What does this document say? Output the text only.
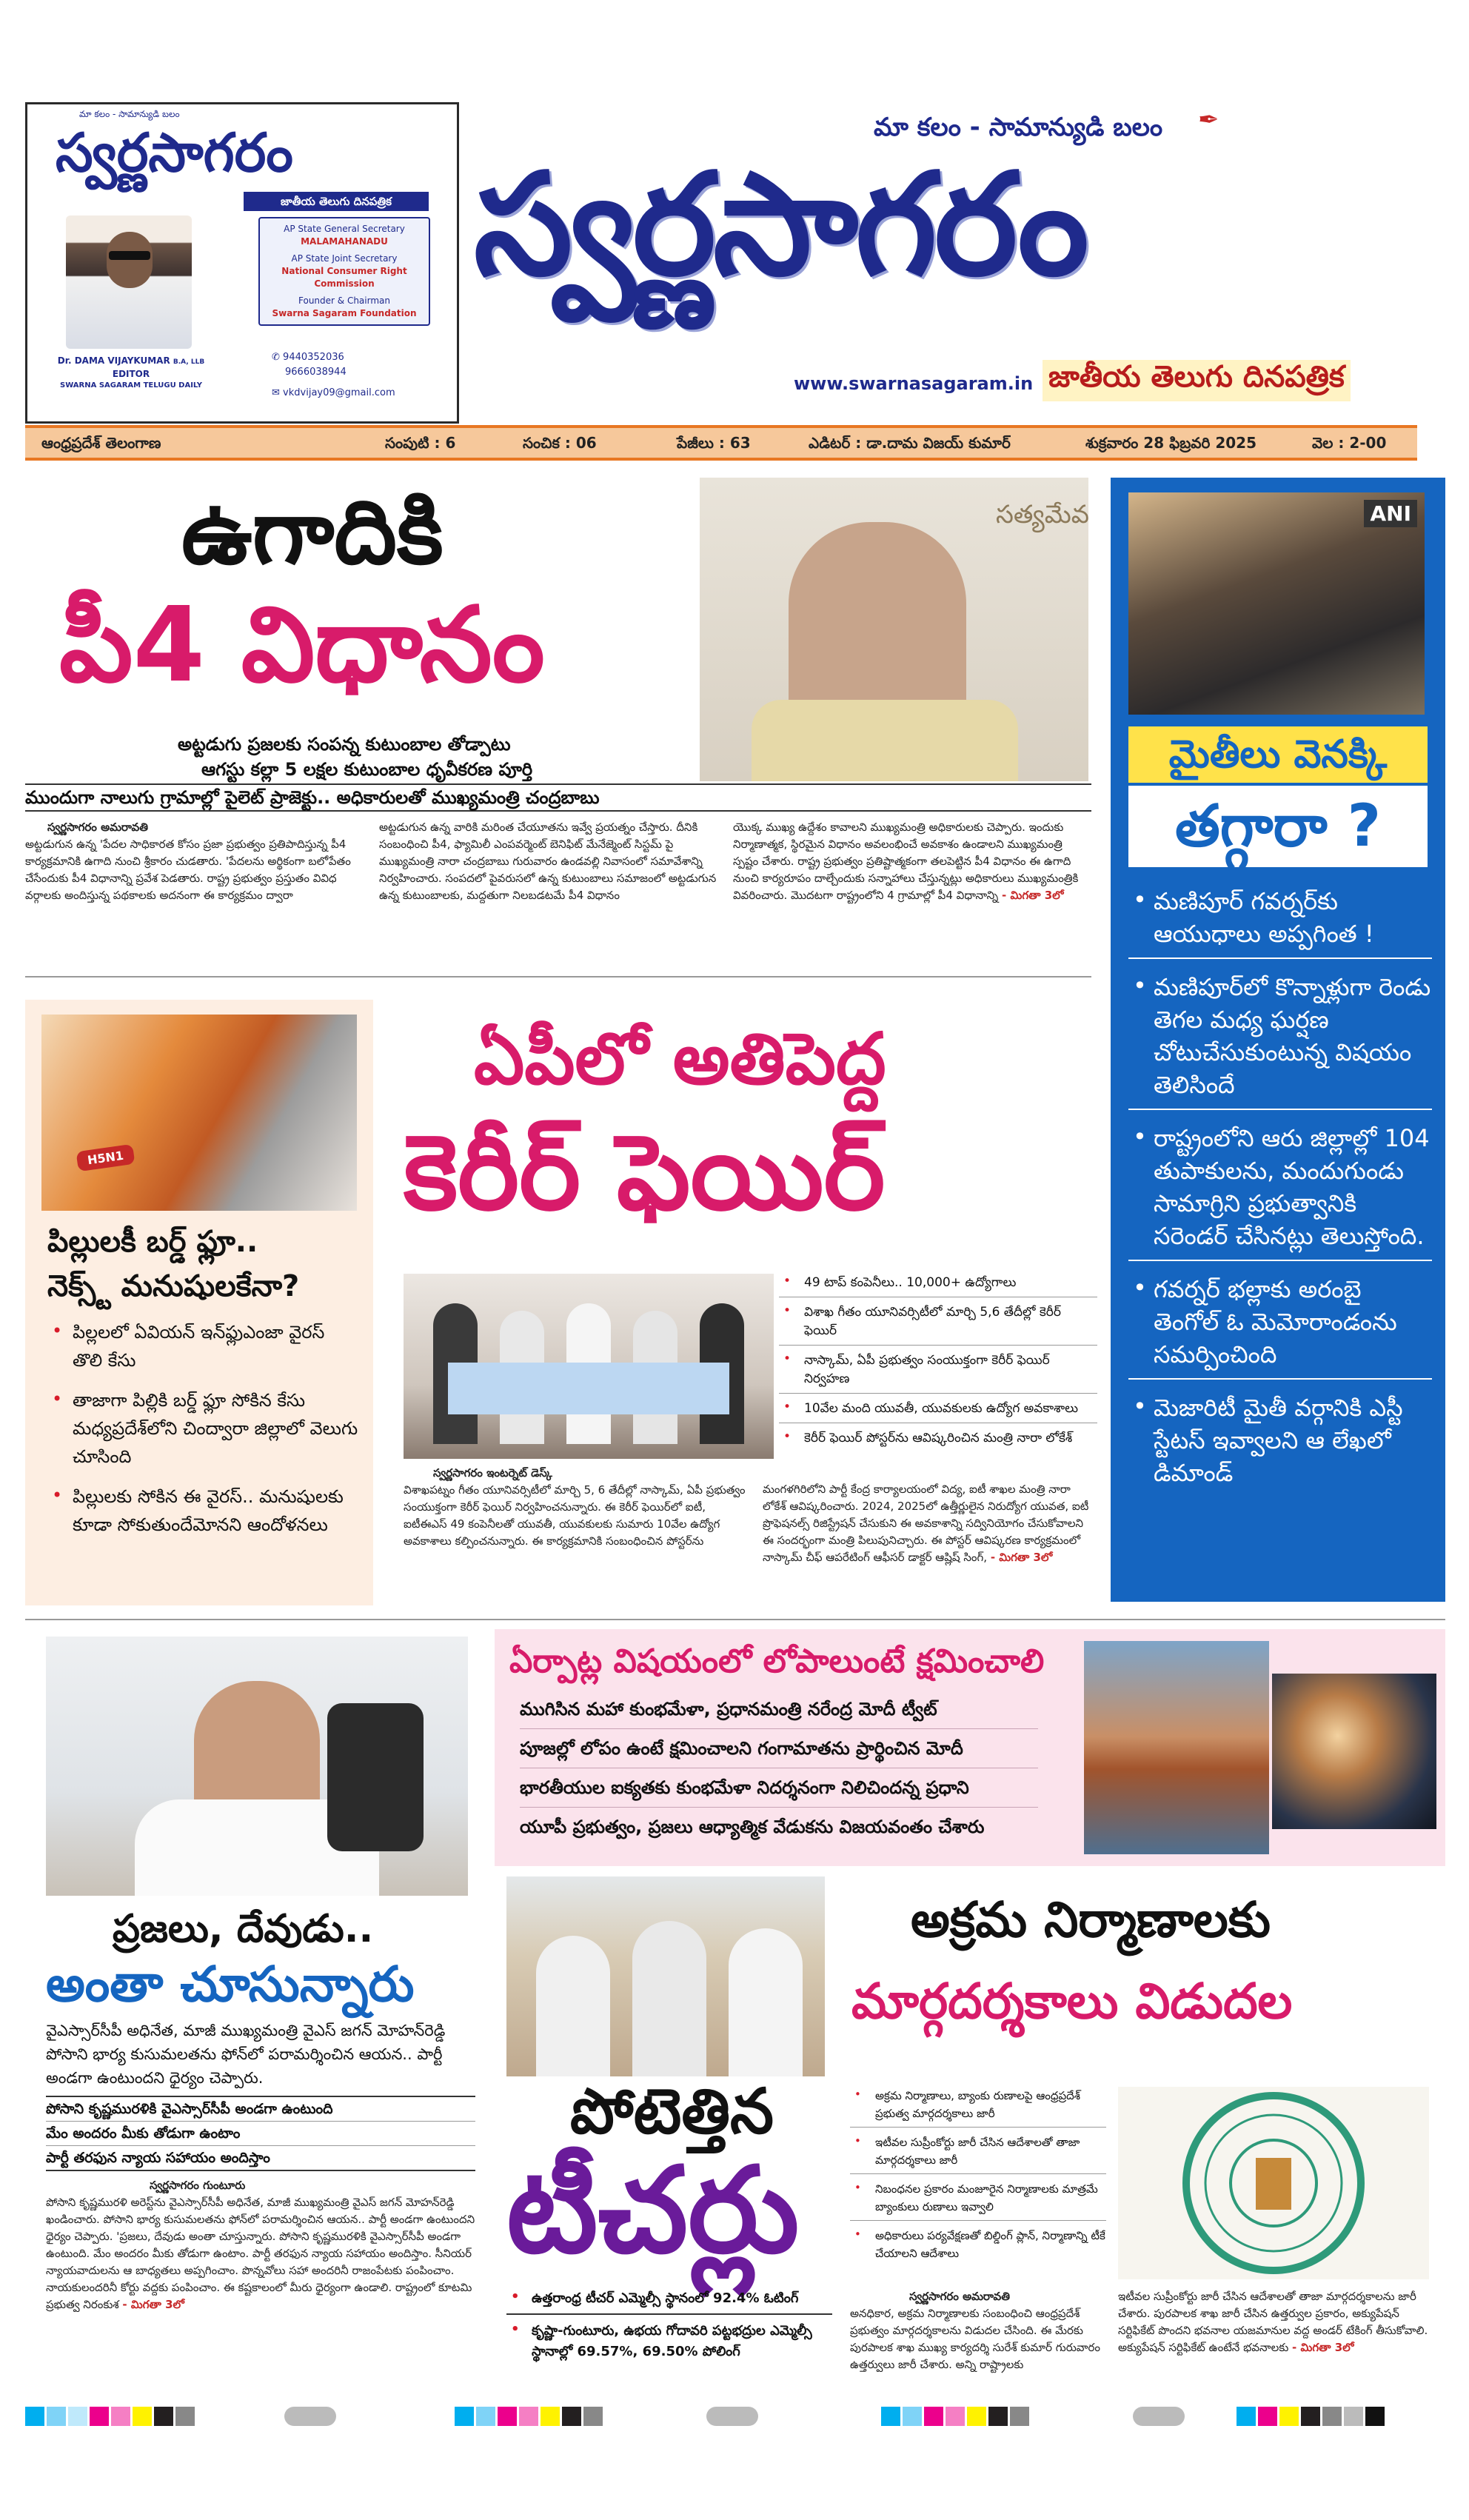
మా కలం - సామాన్యుడి బలం
స్వర్ణసాగరం
జాతీయ తెలుగు దినపత్రిక
Dr. DAMA VIJAYKUMAR B.A, LLB
EDITOR
SWARNA SAGARAM TELUGU DAILY
AP State General Secretary
MALAMAHANADU
AP State Joint Secretary
National Consumer Right Commission
Founder & Chairman
Swarna Sagaram Foundation
✆ 9440352036
9666038944
✉ vkdvijay09@gmail.com
మా కలం - సామాన్యుడి బలం ✒
స్వర్ణసాగరం
www.swarnasagaram.in జాతీయ తెలుగు దినపత్రిక
ఆంధ్రప్రదేశ్ తెలంగాణ	సంపుటి : 6	సంచిక : 06	పేజీలు : 63	ఎడిటర్ : డా.దామ విజయ్ కుమార్	శుక్రవారం 28 ఫిబ్రవరి 2025	వెల : 2-00
ఉగాదికి
పీ4 విధానం
సత్యమేవ
అట్టడుగు ప్రజలకు సంపన్న కుటుంబాల తోడ్పాటు
ఆగస్టు కల్లా 5 లక్షల కుటుంబాల ధృవీకరణ పూర్తి
ముందుగా నాలుగు గ్రామాల్లో పైలెట్ ప్రాజెక్టు.. అధికారులతో ముఖ్యమంత్రి చంద్రబాబు
స్వర్ణసాగరం అమరావతి
అట్టడుగున ఉన్న 'పేదల సాధికారత కోసం ప్రజా ప్రభుత్వం ప్రతిపాదిస్తున్న పీ4 కార్యక్రమానికి ఉగాది నుంచి శ్రీకారం చుడతారు. 'పేదలను అర్థికంగా బలోపేతం చేసేందుకు పీ4 విధానాన్ని ప్రవేశ పెడతారు. రాష్ట్ర ప్రభుత్వం ప్రస్తుతం వివిధ వర్గాలకు అందిస్తున్న పథకాలకు అదనంగా ఈ కార్యక్రమం ద్వారా
అట్టడుగున ఉన్న వారికి మరింత చేయూతను ఇవ్వే ప్రయత్నం చేస్తారు. దీనికి సంబంధించి పీ4, ఫ్యామిలీ ఎంపవర్మెంట్ బెనిఫిట్ మేనేజ్మెంట్ సిస్టమ్ పై ముఖ్యమంత్రి నారా చంద్రబాబు గురువారం ఉండవల్లి నివాసంలో సమావేశాన్ని నిర్వహించారు. సంపదలో పైవరుసలో ఉన్న కుటుంబాలు సమాజంలో అట్టడుగున ఉన్న కుటుంబాలకు, మద్దతుగా నిలబడటమే పీ4 విధానం
యొక్క ముఖ్య ఉద్దేశం కావాలని ముఖ్యమంత్రి అధికారులకు చెప్పారు. ఇందుకు నిర్మాణాత్మక, స్థిరమైన విధానం అవలంభించే అవకాశం ఉండాలని ముఖ్యమంత్రి స్పష్టం చేశారు. రాష్ట్ర ప్రభుత్వం ప్రతిష్టాత్మకంగా తలపెట్టిన పీ4 విధానం ఈ ఉగాది నుంచి కార్యరూపం దాల్చేందుకు సన్నాహాలు చేస్తున్నట్లు అధికారులు ముఖ్యమంత్రికి వివరించారు. మొదటగా రాష్ట్రంలోని 4 గ్రామాల్లో పీ4 విధానాన్ని - మిగతా 3లో
ANI
మైతీలు వెనక్కి
తగ్గారా ?
• మణిపూర్ గవర్నర్‌కు ఆయుధాలు అప్పగింత !
• మణిపూర్‌లో కొన్నాళ్లుగా రెండు తెగల మధ్య ఘర్షణ చోటుచేసుకుంటున్న విషయం తెలిసిందే
• రాష్ట్రంలోని ఆరు జిల్లాల్లో 104 తుపాకులను, మందుగుండు సామాగ్రిని ప్రభుత్వానికి సరెండర్ చేసినట్లు తెలుస్తోంది.
• గవర్నర్ భల్లాకు అరంబై తెంగోల్ ఓ మెమోరాండంను సమర్పించింది
• మెజారిటీ మైతీ వర్గానికి ఎస్టీ స్టేటస్ ఇవ్వాలని ఆ లేఖలో డిమాండ్
H5N1
పిల్లులకీ బర్డ్ ఫ్లూ..
నెక్స్ట్ మనుషులకేనా?
• పిల్లలలో ఏవియన్ ఇన్‌ఫ్లుఎంజా వైరస్ తొలి కేసు
• తాజాగా పిల్లికి బర్డ్ ఫ్లూ సోకిన కేసు మధ్యప్రదేశ్‌లోని చింద్వారా జిల్లాలో వెలుగు చూసింది
• పిల్లులకు సోకిన ఈ వైరస్.. మనుషులకు కూడా సోకుతుందేమోనని ఆందోళనలు
ఏపీలో అతిపెద్ద
కెరీర్ ఫెయిర్
• 49 టాప్ కంపెనీలు.. 10,000+ ఉద్యోగాలు
• విశాఖ గీతం యూనివర్సిటీలో మార్చి 5,6 తేదీల్లో కెరీర్ ఫెయిర్
• నాస్కామ్, ఏపీ ప్రభుత్వం సంయుక్తంగా కెరీర్ ఫెయిర్ నిర్వహణ
• 10వేల మంది యువతీ, యువకులకు ఉద్యోగ అవకాశాలు
• కెరీర్ ఫెయిర్ పోస్టర్‌ను ఆవిష్కరించిన మంత్రి నారా లోకేశ్
స్వర్ణసాగరం ఇంటర్నెట్ డెస్క్
విశాఖపట్నం గీతం యూనివర్సిటీలో మార్చి 5, 6 తేదీల్లో నాస్కామ్, ఏపీ ప్రభుత్వం సంయుక్తంగా కెరీర్ ఫెయిర్ నిర్వహించనున్నారు. ఈ కెరీర్ ఫెయిర్‌లో ఐటీ, ఐటీఈఎస్ 49 కంపెనీలతో యువతీ, యువకులకు సుమారు 10వేల ఉద్యోగ అవకాశాలు కల్పించనున్నారు. ఈ కార్యక్రమానికి సంబంధించిన పోస్టర్‌ను
మంగళగిరిలోని పార్టీ కేంద్ర కార్యాలయంలో విద్య, ఐటీ శాఖల మంత్రి నారా లోకేశ్ ఆవిష్కరించారు. 2024, 2025లో ఉత్తీర్ణులైన నిరుద్యోగ యువత, ఐటీ ప్రొఫెషనల్స్ రిజిస్ట్రేషన్ చేసుకుని ఈ అవకాశాన్ని సద్వినియోగం చేసుకోవాలని ఈ సందర్భంగా మంత్రి పిలుపునిచ్చారు. ఈ పోస్టర్ ఆవిష్కరణ కార్యక్రమంలో నాస్కామ్ చీఫ్ ఆపరేటింగ్ ఆఫీసర్ డాక్టర్ ఆష్లిష్ సింగ్, - మిగతా 3లో
ప్రజలు, దేవుడు..
అంతా చూసున్నారు
వైఎస్సార్‌సీపీ అధినేత, మాజీ ముఖ్యమంత్రి వైఎస్ జగన్ మోహన్‌రెడ్డి పోసాని భార్య కుసుమలతను ఫోన్‌లో పరామర్శించిన ఆయన.. పార్టీ అండగా ఉంటుందని ధైర్యం చెప్పారు.
పోసాని కృష్ణమురళికి వైఎస్సార్‌సీపీ అండగా ఉంటుంది
మేం అందరం మీకు తోడుగా ఉంటాం
పార్టీ తరఫున న్యాయ సహాయం అందిస్తాం
స్వర్ణసాగరం గుంటూరు
పోసాని కృష్ణమురళి అరెస్ట్‌ను వైఎస్సార్‌సీపీ అధినేత, మాజీ ముఖ్యమంత్రి వైఎస్ జగన్ మోహన్‌రెడ్డి ఖండించారు. పోసాని భార్య కుసుమలతను ఫోన్‌లో పరామర్శించిన ఆయన.. పార్టీ అండగా ఉంటుందని ధైర్యం చెప్పారు. 'ప్రజలు, దేవుడు అంతా చూస్తున్నారు. పోసాని కృష్ణమురళికి వైఎస్సార్‌సీపీ అండగా ఉంటుంది. మేం అందరం మీకు తోడుగా ఉంటాం. పార్టీ తరఫున న్యాయ సహాయం అందిస్తాం. సీనియర్ న్యాయవాదులను ఆ బాధ్యతలు అప్పగించాం. పొన్నవోలు సహా అందరినీ రాజంపేటకు పంపించాం. నాయకులందరినీ కోర్టు వద్దకు పంపించాం. ఈ కష్టకాలంలో మీరు ధైర్యంగా ఉండాలి. రాష్ట్రంలో కూటమి ప్రభుత్వ నిరంకుశ - మిగతా 3లో
ఏర్పాట్ల విషయంలో లోపాలుంటే క్షమించాలి
ముగిసిన మహా కుంభమేళా, ప్రధానమంత్రి నరేంద్ర మోదీ ట్వీట్
పూజల్లో లోపం ఉంటే క్షమించాలని గంగామాతను ప్రార్థించిన మోదీ
భారతీయుల ఐక్యతకు కుంభమేళా నిదర్శనంగా నిలిచిందన్న ప్రధాని
యూపీ ప్రభుత్వం, ప్రజలు ఆధ్యాత్మిక వేడుకను విజయవంతం చేశారు
పోటెత్తిన
టీచర్లు
• ఉత్తరాంధ్ర టీచర్ ఎమ్మెల్సీ స్థానంలో 92.4% ఓటింగ్
• కృష్ణా-గుంటూరు, ఉభయ గోదావరి పట్టభద్రుల ఎమ్మెల్సీ స్థానాల్లో 69.57%, 69.50% పోలింగ్
అక్రమ నిర్మాణాలకు
మార్గదర్శకాలు విడుదల
• అక్రమ నిర్మాణాలు, బ్యాంకు రుణాలపై ఆంధ్రప్రదేశ్ ప్రభుత్వ మార్గదర్శకాలు జారీ
• ఇటీవల సుప్రీంకోర్టు జారీ చేసిన ఆదేశాలతో తాజా మార్గదర్శకాలు జారీ
• నిబంధనల ప్రకారం మంజూరైన నిర్మాణాలకు మాత్రమే బ్యాంకులు రుణాలు ఇవ్వాలి
• అధికారులు పర్యవేక్షణతో బిల్డింగ్ ప్లాన్, నిర్మాణాన్ని టీకే చేయాలని ఆదేశాలు
స్వర్ణసాగరం అమరావతి
అనధికార, అక్రమ నిర్మాణాలకు సంబంధించి ఆంధ్రప్రదేశ్ ప్రభుత్వం మార్గదర్శకాలను విడుదల చేసింది. ఈ మేరకు పురపాలక శాఖ ముఖ్య కార్యదర్శి సురేశ్ కుమార్ గురువారం ఉత్తర్వులు జారీ చేశారు. అన్ని రాష్ట్రాలకు
ఇటీవల సుప్రీంకోర్టు జారీ చేసిన ఆదేశాలతో తాజా మార్గదర్శకాలను జారీ చేశారు. పురపాలక శాఖ జారీ చేసిన ఉత్తర్వుల ప్రకారం, అక్యుపేషన్ సర్టిఫికేట్ పొందని భవనాల యజమానుల వద్ద అండర్ టేకింగ్ తీసుకోవాలి. అక్యుపేషన్ సర్టిఫికేట్ ఉంటేనే భవనాలకు - మిగతా 3లో
